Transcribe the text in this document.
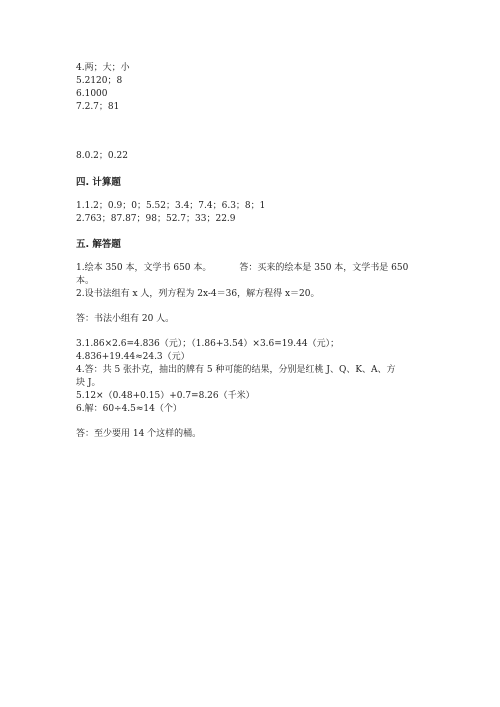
4.两；大；小
5.2120；8
6.1000
7.2.7；81
8.0.2；0.22
四. 计算题
1.1.2；0.9；0；5.52；3.4；7.4；6.3；8；1
2.763；87.87；98；52.7；33；22.9
五. 解答题
1.绘本 350 本，文学书 650 本。	答：买来的绘本是 350 本，文学书是 650
本。
2.设书法组有 x 人，列方程为 2x-4＝36，解方程得 x＝20。
答：书法小组有 20 人。
3.1.86×2.6=4.836（元）；（1.86+3.54）×3.6=19.44（元）；
4.836+19.44≈24.3（元）
4.答：共 5 张扑克，抽出的牌有 5 种可能的结果，分别是红桃 J、Q、K、A、方
块 J。
5.12×（0.48+0.15）+0.7=8.26（千米）
6.解：60÷4.5≈14（个）
答：至少要用 14 个这样的桶。
